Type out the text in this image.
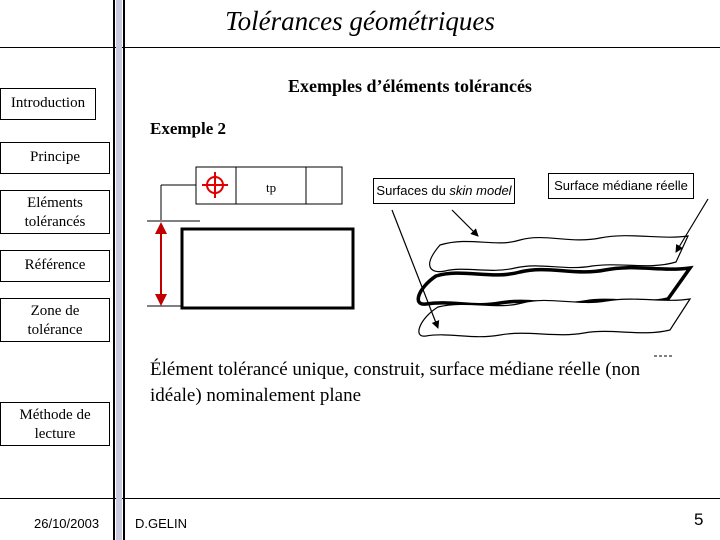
Tolérances géométriques
Introduction
Principe
Eléments
tolérancés
Référence
Zone de
tolérance
Méthode de
lecture
Exemples d’éléments tolérancés
Exemple 2
tp	Surfaces du skin model	Surface médiane réelle
Élément tolérancé unique, construit, surface médiane réelle (non idéale) nominalement plane
26/10/2003	D.GELIN	5
